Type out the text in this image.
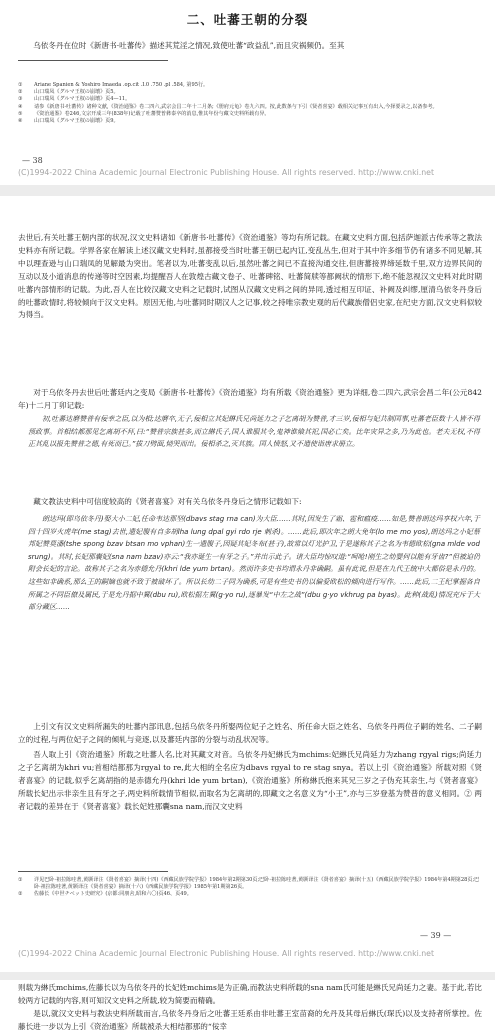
二、吐蕃王朝的分裂

乌依冬丹在位时《新唐书·吐蕃传》描述其荒淫之情况,致使吐蕃“政益乱”,而且灾祸频仍。至其

①	Ariane Spanien & Yoshiro Imaeda .op.cit .Ⅰ.0 .750 .pl .584, 第95行。
②	山口瑞凤《グルマ王权の崩壊》页5。
③	山口瑞凤《グルマ王权の崩壊》页4—11。
④	请参《新唐书·吐蕃传》诸种文献,《资治通鉴》卷二四六,武宗会昌二年十二月条;《册府元龟》卷九六四。按,此数条与下引《贤者喜宴》载相关记事互有出入,今择要录之,以备参考。
⑤	《资治通鉴》卷246,文宗开成三年(838年)记载了吐蕃赞普彝泰卒的消息,惟其年份与藏文史料所载有异。
⑥	山口瑞凤《グルマ王权の崩壊》页9。

— 38

(C)1994-2022 China Academic Journal Electronic Publishing House. All rights reserved. http://www.cnki.net

去世后,有关吐蕃王朝内部的状况,汉文史料诸如《新唐书·吐蕃传》《资治通鉴》等均有所记载。在藏文史料方面,包括萨迦派古传承等之教法史料亦有所记载。学界各家在解读上述汉藏文史料时,虽都接受当时吐蕃王朝已起内讧,变乱丛生,但对于其中许多细节仍有诸多不同见解,其中以理查逊与山口瑞凤的见解最为突出。笔者以为,吐蕃变乱以后,虽然吐蕃之间已不直接沟通交往,但唐蕃接界缔延数千里,双方边界民间的互动以及小道消息的传递等时空因素,均提醒吾人在敦煌古藏文卷子、吐蕃碑铭、吐蕃简牍等都阙状的情形下,绝不能忽视汉文史料对此时期吐蕃内部情形的记载。为此,吾人在比较汉藏文史料之记载时,试图从汉藏文史料之间的异同,透过相互印证、补阙及纠缪,厘清乌依冬丹身后的吐蕃政情时,将较倾向于汉文史料。原因无他,与吐蕃同时期汉人之记事,较之持唯宗教史观的后代藏族僧侣史家,在纪史方面,汉文史料似较为得当。

对于乌依冬丹去世后吐蕃廷内之变局《新唐书·吐蕃传》《资治通鉴》均有所载《资治通鉴》更为详细,卷二四六,武宗会昌二年(公元842年)十二月丁卯记载:

初,吐蕃达磨赞普有佞幸之臣,以为相;达磨卒,无子,佞相立其妃綝氏兄尚延力之子乞离胡为赞普,才三岁,佞相与妃共制国事,吐蕃老臣数十人皆不得预政事。首相结都那见乞离胡不拜,曰:“赞普宗族甚多,而立綝氏子,国人谁服其令,鬼神谁飨其祀,国必亡矣。比年灾异之多,乃为此也。老夫无权,不得正其乱以报先赞普之德,有死而已。”拔刀劈面,恸哭而出。佞相杀之,灭其族。国人愤怒,又不遣使诣唐求册立。

藏文教法史料中可信度较高的《贤者喜宴》对有关乌依冬丹身后之情形记载如下:

朗达玛(即乌依冬丹)娶大小二妃,任命韦达那坚(dbavs stag rna can)为大臣……其时,因发生了霜、雹和瘟疫……如是,赞普朗达玛享权六年,于四十四岁火虎年(me stag)去世,遗妃腹有自多胡lha lung dpal gyi rdo rje 刺杀)。……此后,即次年之朗大免年(lo me mo yos),朗达玛之小妃蔡邦妃赞莫潘(tshe spong bzav btsan mo vphan)生一遗腹子,因疑其妃冬布(甚子),故常以灯光护卫,于是遂称其子之名为韦德欧松(gna mlde vod srung)。其时,长妃那囊妃(sna nam bzav)亦云:“我亦诞生一有牙之子。”并出示此子。诸大臣均惊叹道:“呵呛!刚生之幼婴何以能有牙齿?”但被迫仍附会长妃的言论。故称其子之名为赤德允丹(khri lde yum brtan)。然而许多史书均谓永丹非确嗣。虽有此说,但是在九代王统中大都俗是永丹的。这些如非确系,那么王的嗣嫡也就不致于被破坏了。所以长幼二子同为确系,可是有些史书仍以偏爱欧松的倾向进行写作。……此后,二王纪掌握各自所属之不同臣僚及属民,于是允丹据中翼(dbu ru),欧松据左翼(g·yo ru),逐暴发“中左之战”(dbu g·yo vkhrug pa byas)。此种(战乱)情况充斥于大部分藏区……

上引文有汉文史料所漏失的吐蕃内部讯息,包括乌依冬丹所娶两位妃子之姓名、所任命大臣之姓名、乌依冬丹两位子嗣的姓名、二子嗣立的过程,与两位妃子之间的倾轧与竞逐,以及蕃廷内部的分裂与动乱状况等。

吾人取上引《资治通鉴》所载之吐蕃人名,比对其藏文对音。乌依冬丹妃綝氏为mchims:妃綝氏兄尚延力为zhang rgyal rigs;尚延力之子乞离胡为khri vu;首相结都那为rgyal to re,此大相的全名应为dbavs rgyal to re stag snya。若以上引《资治通鉴》所载对照《贤者喜宴》的记载,似乎乞离胡指的是赤德允丹(khri lde yum brtan),《资治通鉴》所称綝氏抱来其兄三岁之子伪充其亲生,与《贤者喜宴》所载长妃出示非亲生且有牙之子,两史料所载情节相似,而取名为乞离胡的,即藏文之名意义为“小王”,亦与三岁登基为赞普的意义相同。② 两者记载的差异在于《贤者喜宴》载长妃姓那囊sna nam,而汉文史料

①	详见巴卧·祖拉陈哇著,黄颢译注《贤者喜宴》摘译(十四)《西藏民族学院学报》1984年第2期第30页;巴卧·祖拉陈哇著,黄颢译注《贤者喜宴》摘译(十五)《西藏民族学院学报》1984年第4期第28页;巴卧·祖拉陈哇著,黄颢译注《贤者喜宴》摘译(十六)《西藏民族学院学报》1985年第1期第26页。
②	佐藤长《中世チベット史研究》(京都:同朋舍,昭和六〇)页46、页49。

— 39 —

(C)1994-2022 China Academic Journal Electronic Publishing House. All rights reserved. http://www.cnki.net

则载为綝氏mchims,佐藤长以为乌依冬丹的长妃姓mchims是为正确,而教法史料所载的sna nam氏可能是綝氏兄尚延力之妻。基于此,若比较两方记载的内容,则可知汉文史料之所载,较为简要而精确。

是以,就汉文史料与教法史料所载而言,乌依冬丹身后之吐蕃王廷系由非吐蕃王室苗裔的允丹及其母后綝氏(琛氏)以及支持者所掌控。佐藤长进一步以为上引《资治通鉴》所载被杀大相结都那的“佞幸
